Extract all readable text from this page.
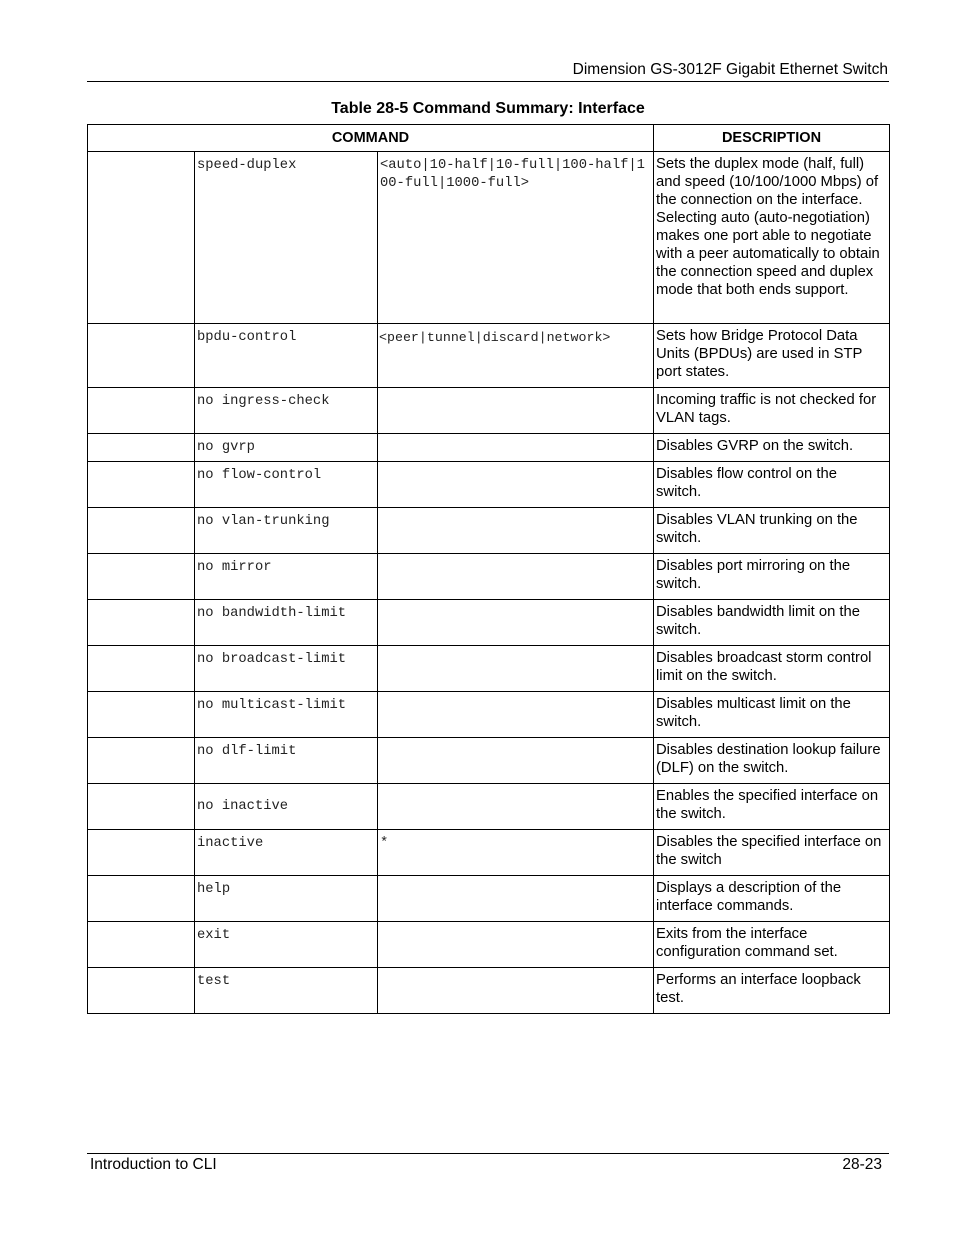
Dimension GS-3012F Gigabit Ethernet Switch
Table 28-5 Command Summary: Interface
COMMAND			DESCRIPTION
	speed-duplex	<auto|10-half|10-full|100-half|100-full|1000-full>	Sets the duplex mode (half, full) and speed (10/100/1000 Mbps) of the connection on the interface. Selecting auto (auto-negotiation) makes one port able to negotiate with a peer automatically to obtain the connection speed and duplex mode that both ends support.
	bpdu-control	<peer|tunnel|discard|network>	Sets how Bridge Protocol Data Units (BPDUs) are used in STP port states.
	no ingress-check		Incoming traffic is not checked for VLAN tags.
	no gvrp		Disables GVRP on the switch.
	no flow-control		Disables flow control on the switch.
	no vlan-trunking		Disables VLAN trunking on the switch.
	no mirror		Disables port mirroring on the switch.
	no bandwidth-limit		Disables bandwidth limit on the switch.
	no broadcast-limit		Disables broadcast storm control limit on the switch.
	no multicast-limit		Disables multicast limit on the switch.
	no dlf-limit		Disables destination lookup failure (DLF) on the switch.
	no inactive		Enables the specified interface on the switch.
	inactive	*	Disables the specified interface on the switch
	help		Displays a description of the interface commands.
	exit		Exits from the interface configuration command set.
	test		Performs an interface loopback test.
Introduction to CLI	28-23
